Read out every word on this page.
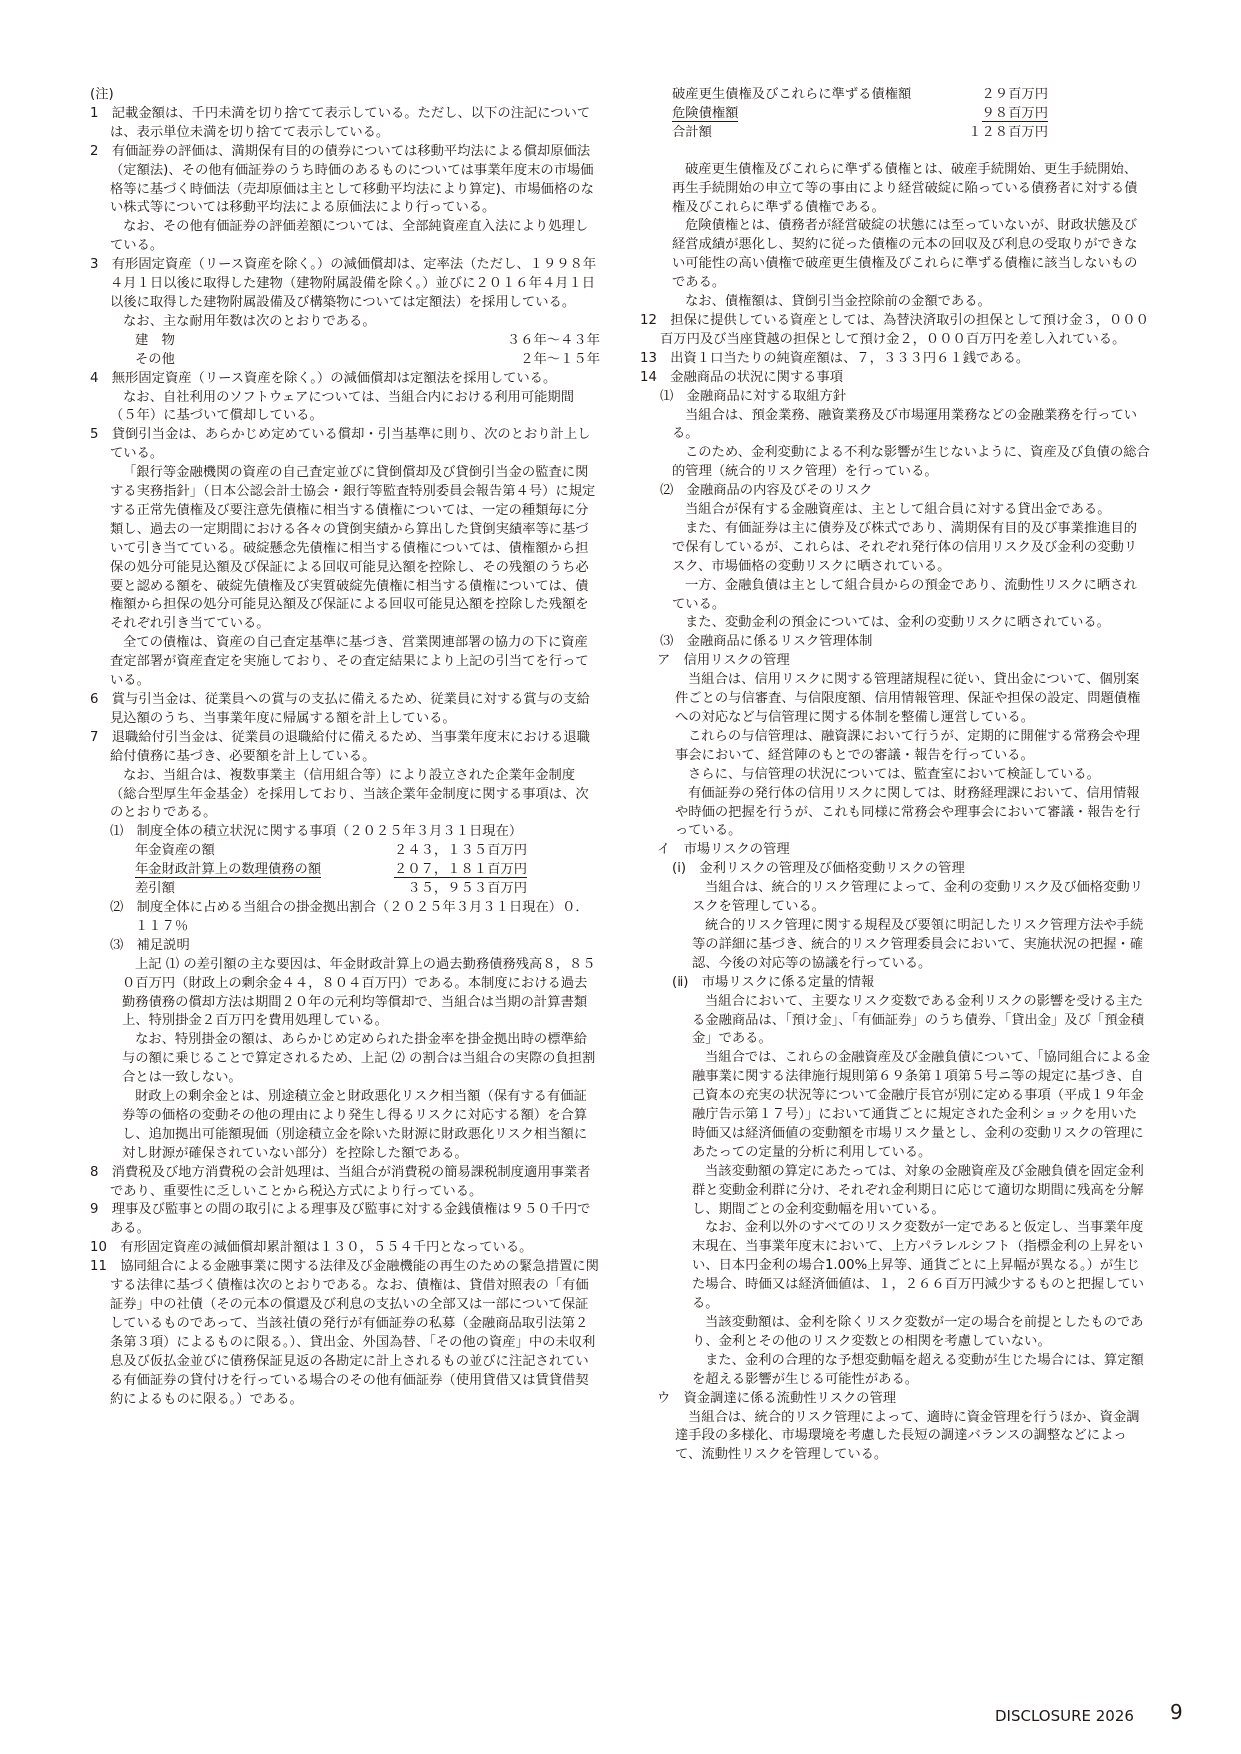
(注)

1　記載金額は、千円未満を切り捨てて表示している。ただし、以下の注記については、表示単位未満を切り捨てて表示している。

2　有価証券の評価は、満期保有目的の債券については移動平均法による償却原価法（定額法)、その他有価証券のうち時価のあるものについては事業年度末の市場価格等に基づく時価法（売却原価は主として移動平均法により算定)、市場価格のない株式等については移動平均法による原価法により行っている。

なお、その他有価証券の評価差額については、全部純資産直入法により処理している。

3　有形固定資産（リース資産を除く。）の減価償却は、定率法（ただし、１９９８年４月１日以後に取得した建物（建物附属設備を除く。）並びに２０１６年４月１日以後に取得した建物附属設備及び構築物については定額法）を採用している。

なお、主な耐用年数は次のとおりである。

建　物	３６年～４３年
その他	　２年～１５年

4　無形固定資産（リース資産を除く。）の減価償却は定額法を採用している。

なお、自社利用のソフトウェアについては、当組合内における利用可能期間（５年）に基づいて償却している。

5　貸倒引当金は、あらかじめ定めている償却・引当基準に則り、次のとおり計上している。

「銀行等金融機関の資産の自己査定並びに貸倒償却及び貸倒引当金の監査に関する実務指針」（日本公認会計士協会・銀行等監査特別委員会報告第４号）に規定する正常先債権及び要注意先債権に相当する債権については、一定の種類毎に分類し、過去の一定期間における各々の貸倒実績から算出した貸倒実績率等に基づいて引き当てている。破綻懸念先債権に相当する債権については、債権額から担保の処分可能見込額及び保証による回収可能見込額を控除し、その残額のうち必要と認める額を、破綻先債権及び実質破綻先債権に相当する債権については、債権額から担保の処分可能見込額及び保証による回収可能見込額を控除した残額をそれぞれ引き当てている。

全ての債権は、資産の自己査定基準に基づき、営業関連部署の協力の下に資産査定部署が資産査定を実施しており、その査定結果により上記の引当てを行っている。

6　賞与引当金は、従業員への賞与の支払に備えるため、従業員に対する賞与の支給見込額のうち、当事業年度に帰属する額を計上している。

7　退職給付引当金は、従業員の退職給付に備えるため、当事業年度末における退職給付債務に基づき、必要額を計上している。

なお、当組合は、複数事業主（信用組合等）により設立された企業年金制度（総合型厚生年金基金）を採用しており、当該企業年金制度に関する事項は、次のとおりである。

⑴　制度全体の積立状況に関する事項（２０２５年３月３１日現在）

年金資産の額	２４３，１３５百万円
年金財政計算上の数理債務の額	２０７，１８１百万円
差引額	３５，９５３百万円

⑵　制度全体に占める当組合の掛金拠出割合（２０２５年３月３１日現在）０．１１７％

⑶　補足説明

上記 ⑴ の差引額の主な要因は、年金財政計算上の過去勤務債務残高８，８５０百万円（財政上の剰余金４４，８０４百万円）である。本制度における過去勤務債務の償却方法は期間２０年の元利均等償却で、当組合は当期の計算書類上、特別掛金２百万円を費用処理している。

なお、特別掛金の額は、あらかじめ定められた掛金率を掛金拠出時の標準給与の額に乗じることで算定されるため、上記 ⑵ の割合は当組合の実際の負担割合とは一致しない。

財政上の剰余金とは、別途積立金と財政悪化リスク相当額（保有する有価証券等の価格の変動その他の理由により発生し得るリスクに対応する額）を合算し、追加拠出可能額現価（別途積立金を除いた財源に財政悪化リスク相当額に対し財源が確保されていない部分）を控除した額である。

8　消費税及び地方消費税の会計処理は、当組合が消費税の簡易課税制度適用事業者であり、重要性に乏しいことから税込方式により行っている。

9　理事及び監事との間の取引による理事及び監事に対する金銭債権は９５０千円である。

10　有形固定資産の減価償却累計額は１３０，５５４千円となっている。

11　協同組合による金融事業に関する法律及び金融機能の再生のための緊急措置に関する法律に基づく債権は次のとおりである。なお、債権は、貸借対照表の「有価証券」中の社債（その元本の償還及び利息の支払いの全部又は一部について保証しているものであって、当該社債の発行が有価証券の私募（金融商品取引法第２条第３項）によるものに限る。）、貸出金、外国為替、「その他の資産」中の未収利息及び仮払金並びに債務保証見返の各勘定に計上されるもの並びに注記されている有価証券の貸付けを行っている場合のその他有価証券（使用貸借又は賃貸借契約によるものに限る。）である。

破産更生債権及びこれらに準ずる債権額	２９百万円
危険債権額	９８百万円
合計額	１２８百万円

破産更生債権及びこれらに準ずる債権とは、破産手続開始、更生手続開始、再生手続開始の申立て等の事由により経営破綻に陥っている債務者に対する債権及びこれらに準ずる債権である。

危険債権とは、債務者が経営破綻の状態には至っていないが、財政状態及び経営成績が悪化し、契約に従った債権の元本の回収及び利息の受取りができない可能性の高い債権で破産更生債権及びこれらに準ずる債権に該当しないものである。

なお、債権額は、貸倒引当金控除前の金額である。

12　担保に提供している資産としては、為替決済取引の担保として預け金３，０００百万円及び当座貸越の担保として預け金２，０００百万円を差し入れている。

13　出資１口当たりの純資産額は、７，３３３円６１銭である。

14　金融商品の状況に関する事項

⑴　金融商品に対する取組方針

当組合は、預金業務、融資業務及び市場運用業務などの金融業務を行っている。

このため、金利変動による不利な影響が生じないように、資産及び負債の総合的管理（統合的リスク管理）を行っている。

⑵　金融商品の内容及びそのリスク

当組合が保有する金融資産は、主として組合員に対する貸出金である。

また、有価証券は主に債券及び株式であり、満期保有目的及び事業推進目的で保有しているが、これらは、それぞれ発行体の信用リスク及び金利の変動リスク、市場価格の変動リスクに晒されている。

一方、金融負債は主として組合員からの預金であり、流動性リスクに晒されている。

また、変動金利の預金については、金利の変動リスクに晒されている。

⑶　金融商品に係るリスク管理体制

ア　信用リスクの管理

当組合は、信用リスクに関する管理諸規程に従い、貸出金について、個別案件ごとの与信審査、与信限度額、信用情報管理、保証や担保の設定、問題債権への対応など与信管理に関する体制を整備し運営している。

これらの与信管理は、融資課において行うが、定期的に開催する常務会や理事会において、経営陣のもとでの審議・報告を行っている。

さらに、与信管理の状況については、監査室において検証している。

有価証券の発行体の信用リスクに関しては、財務経理課において、信用情報や時価の把握を行うが、これも同様に常務会や理事会において審議・報告を行っている。

イ　市場リスクの管理

(ⅰ)　金利リスクの管理及び価格変動リスクの管理

当組合は、統合的リスク管理によって、金利の変動リスク及び価格変動リスクを管理している。

統合的リスク管理に関する規程及び要領に明記したリスク管理方法や手続等の詳細に基づき、統合的リスク管理委員会において、実施状況の把握・確認、今後の対応等の協議を行っている。

(ⅱ)　市場リスクに係る定量的情報

当組合において、主要なリスク変数である金利リスクの影響を受ける主たる金融商品は、「預け金」、「有価証券」のうち債券、「貸出金」及び「預金積金」である。

当組合では、これらの金融資産及び金融負債について、「協同組合による金融事業に関する法律施行規則第６９条第１項第５号ニ等の規定に基づき、自己資本の充実の状況等について金融庁長官が別に定める事項（平成１９年金融庁告示第１７号）」において通貨ごとに規定された金利ショックを用いた時価又は経済価値の変動額を市場リスク量とし、金利の変動リスクの管理にあたっての定量的分析に利用している。

当該変動額の算定にあたっては、対象の金融資産及び金融負債を固定金利群と変動金利群に分け、それぞれ金利期日に応じて適切な期間に残高を分解し、期間ごとの金利変動幅を用いている。

なお、金利以外のすべてのリスク変数が一定であると仮定し、当事業年度末現在、当事業年度末において、上方パラレルシフト（指標金利の上昇をいい、日本円金利の場合1.00%上昇等、通貨ごとに上昇幅が異なる。）が生じた場合、時価又は経済価値は、１，２６６百万円減少するものと把握している。

当該変動額は、金利を除くリスク変数が一定の場合を前提としたものであり、金利とその他のリスク変数との相関を考慮していない。

また、金利の合理的な予想変動幅を超える変動が生じた場合には、算定額を超える影響が生じる可能性がある。

ウ　資金調達に係る流動性リスクの管理

当組合は、統合的リスク管理によって、適時に資金管理を行うほか、資金調達手段の多様化、市場環境を考慮した長短の調達バランスの調整などによって、流動性リスクを管理している。

DISCLOSURE 2026 9
